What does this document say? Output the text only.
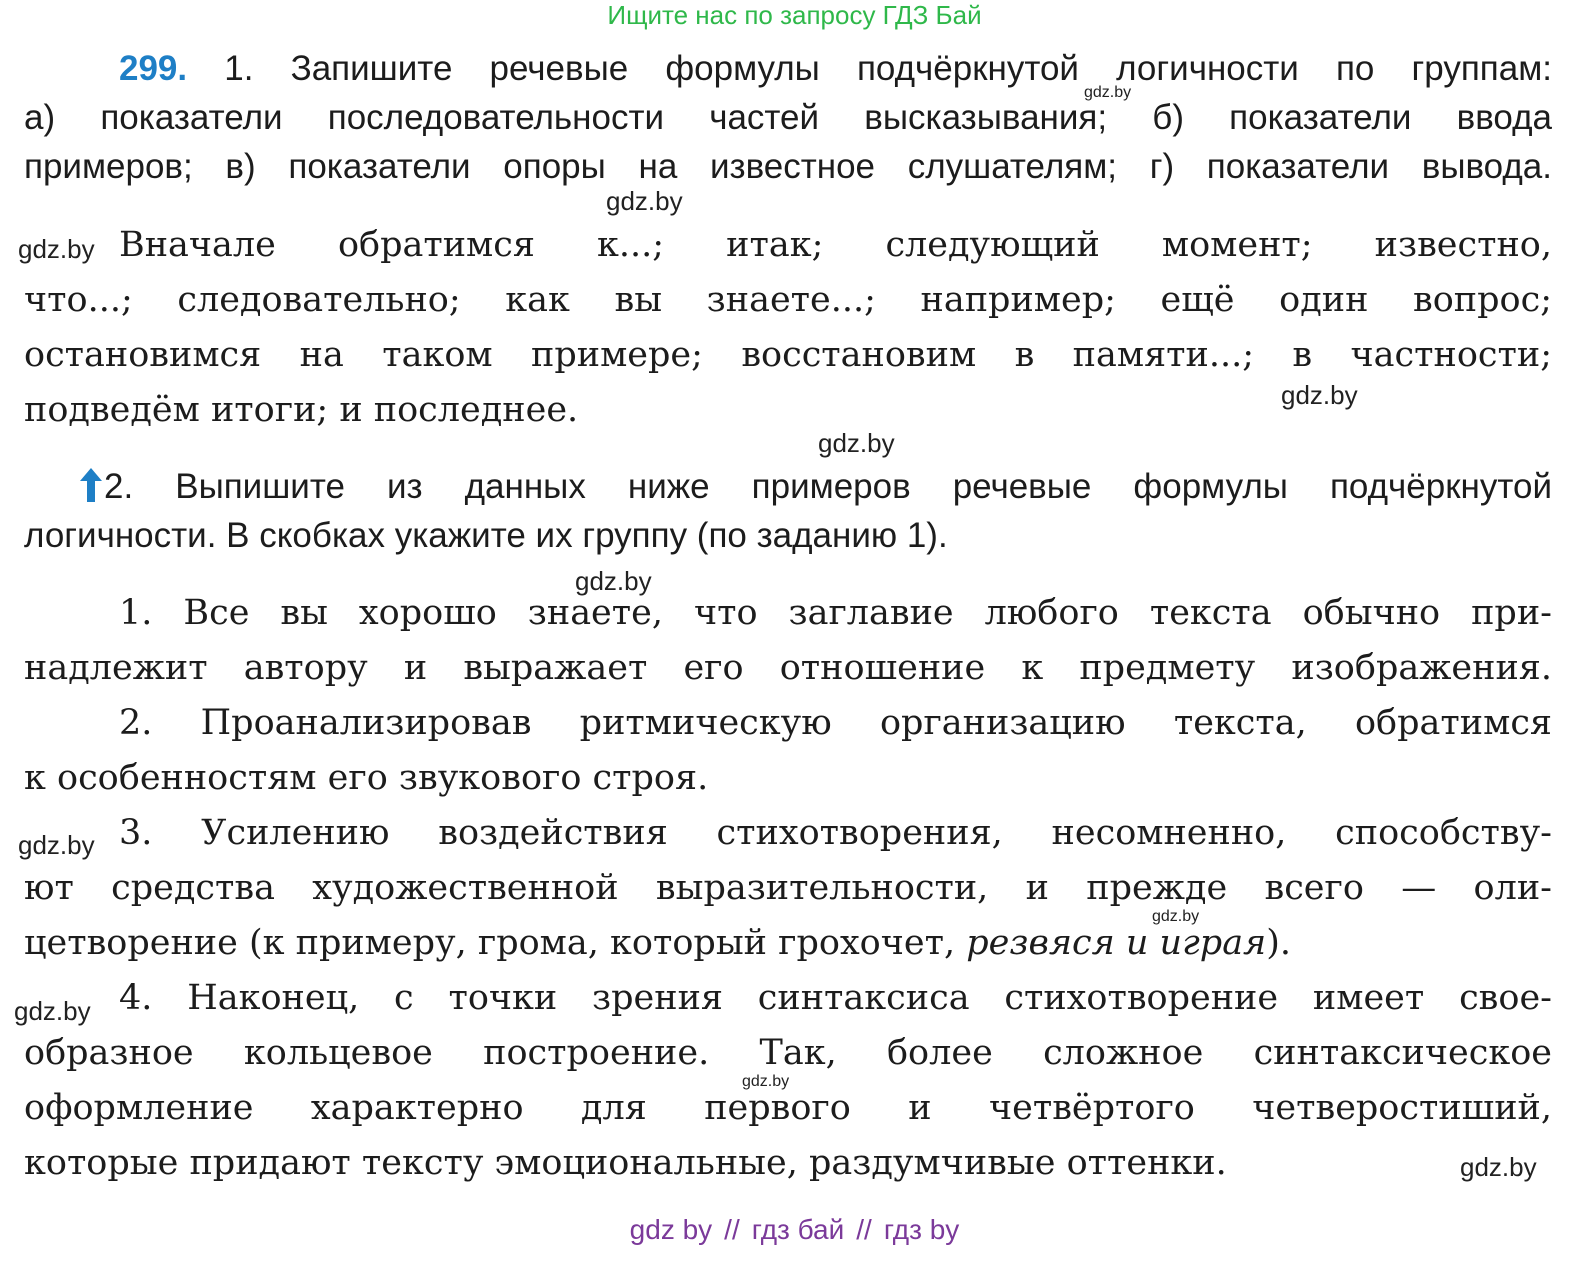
Ищите нас по запросу ГДЗ Бай
299. 1. Запишите речевые формулы подчёркнутой логичности по группам:
а) показатели последовательности частей высказывания; б) показатели ввода
примеров; в) показатели опоры на известное слушателям; г) показатели вывода.
Вначале обратимся к...; итак; следующий момент; известно,
что...; следовательно; как вы знаете...; например; ещё один вопрос;
остановимся на таком примере; восстановим в памяти...; в частности;
подведём итоги; и последнее.
2. Выпишите из данных ниже примеров речевые формулы подчёркнутой
логичности. В скобках укажите их группу (по заданию 1).
1. Все вы хорошо знаете, что заглавие любого текста обычно при-
надлежит автору и выражает его отношение к предмету изображения.
2. Проанализировав ритмическую организацию текста, обратимся
к особенностям его звукового строя.
3. Усилению воздействия стихотворения, несомненно, способству-
ют средства художественной выразительности, и прежде всего — оли-
цетворение (к примеру, грома, который грохочет, резвяся и играя).
4. Наконец, с точки зрения синтаксиса стихотворение имеет свое-
образное кольцевое построение. Так, более сложное синтаксическое
оформление характерно для первого и четвёртого четверостиший,
которые придают тексту эмоциональные, раздумчивые оттенки.
gdz.by
gdz.by
gdz.by
gdz.by
gdz.by
gdz.by
gdz.by
gdz.by
gdz.by
gdz.by
gdz.by
gdz by // гдз бай // гдз by
